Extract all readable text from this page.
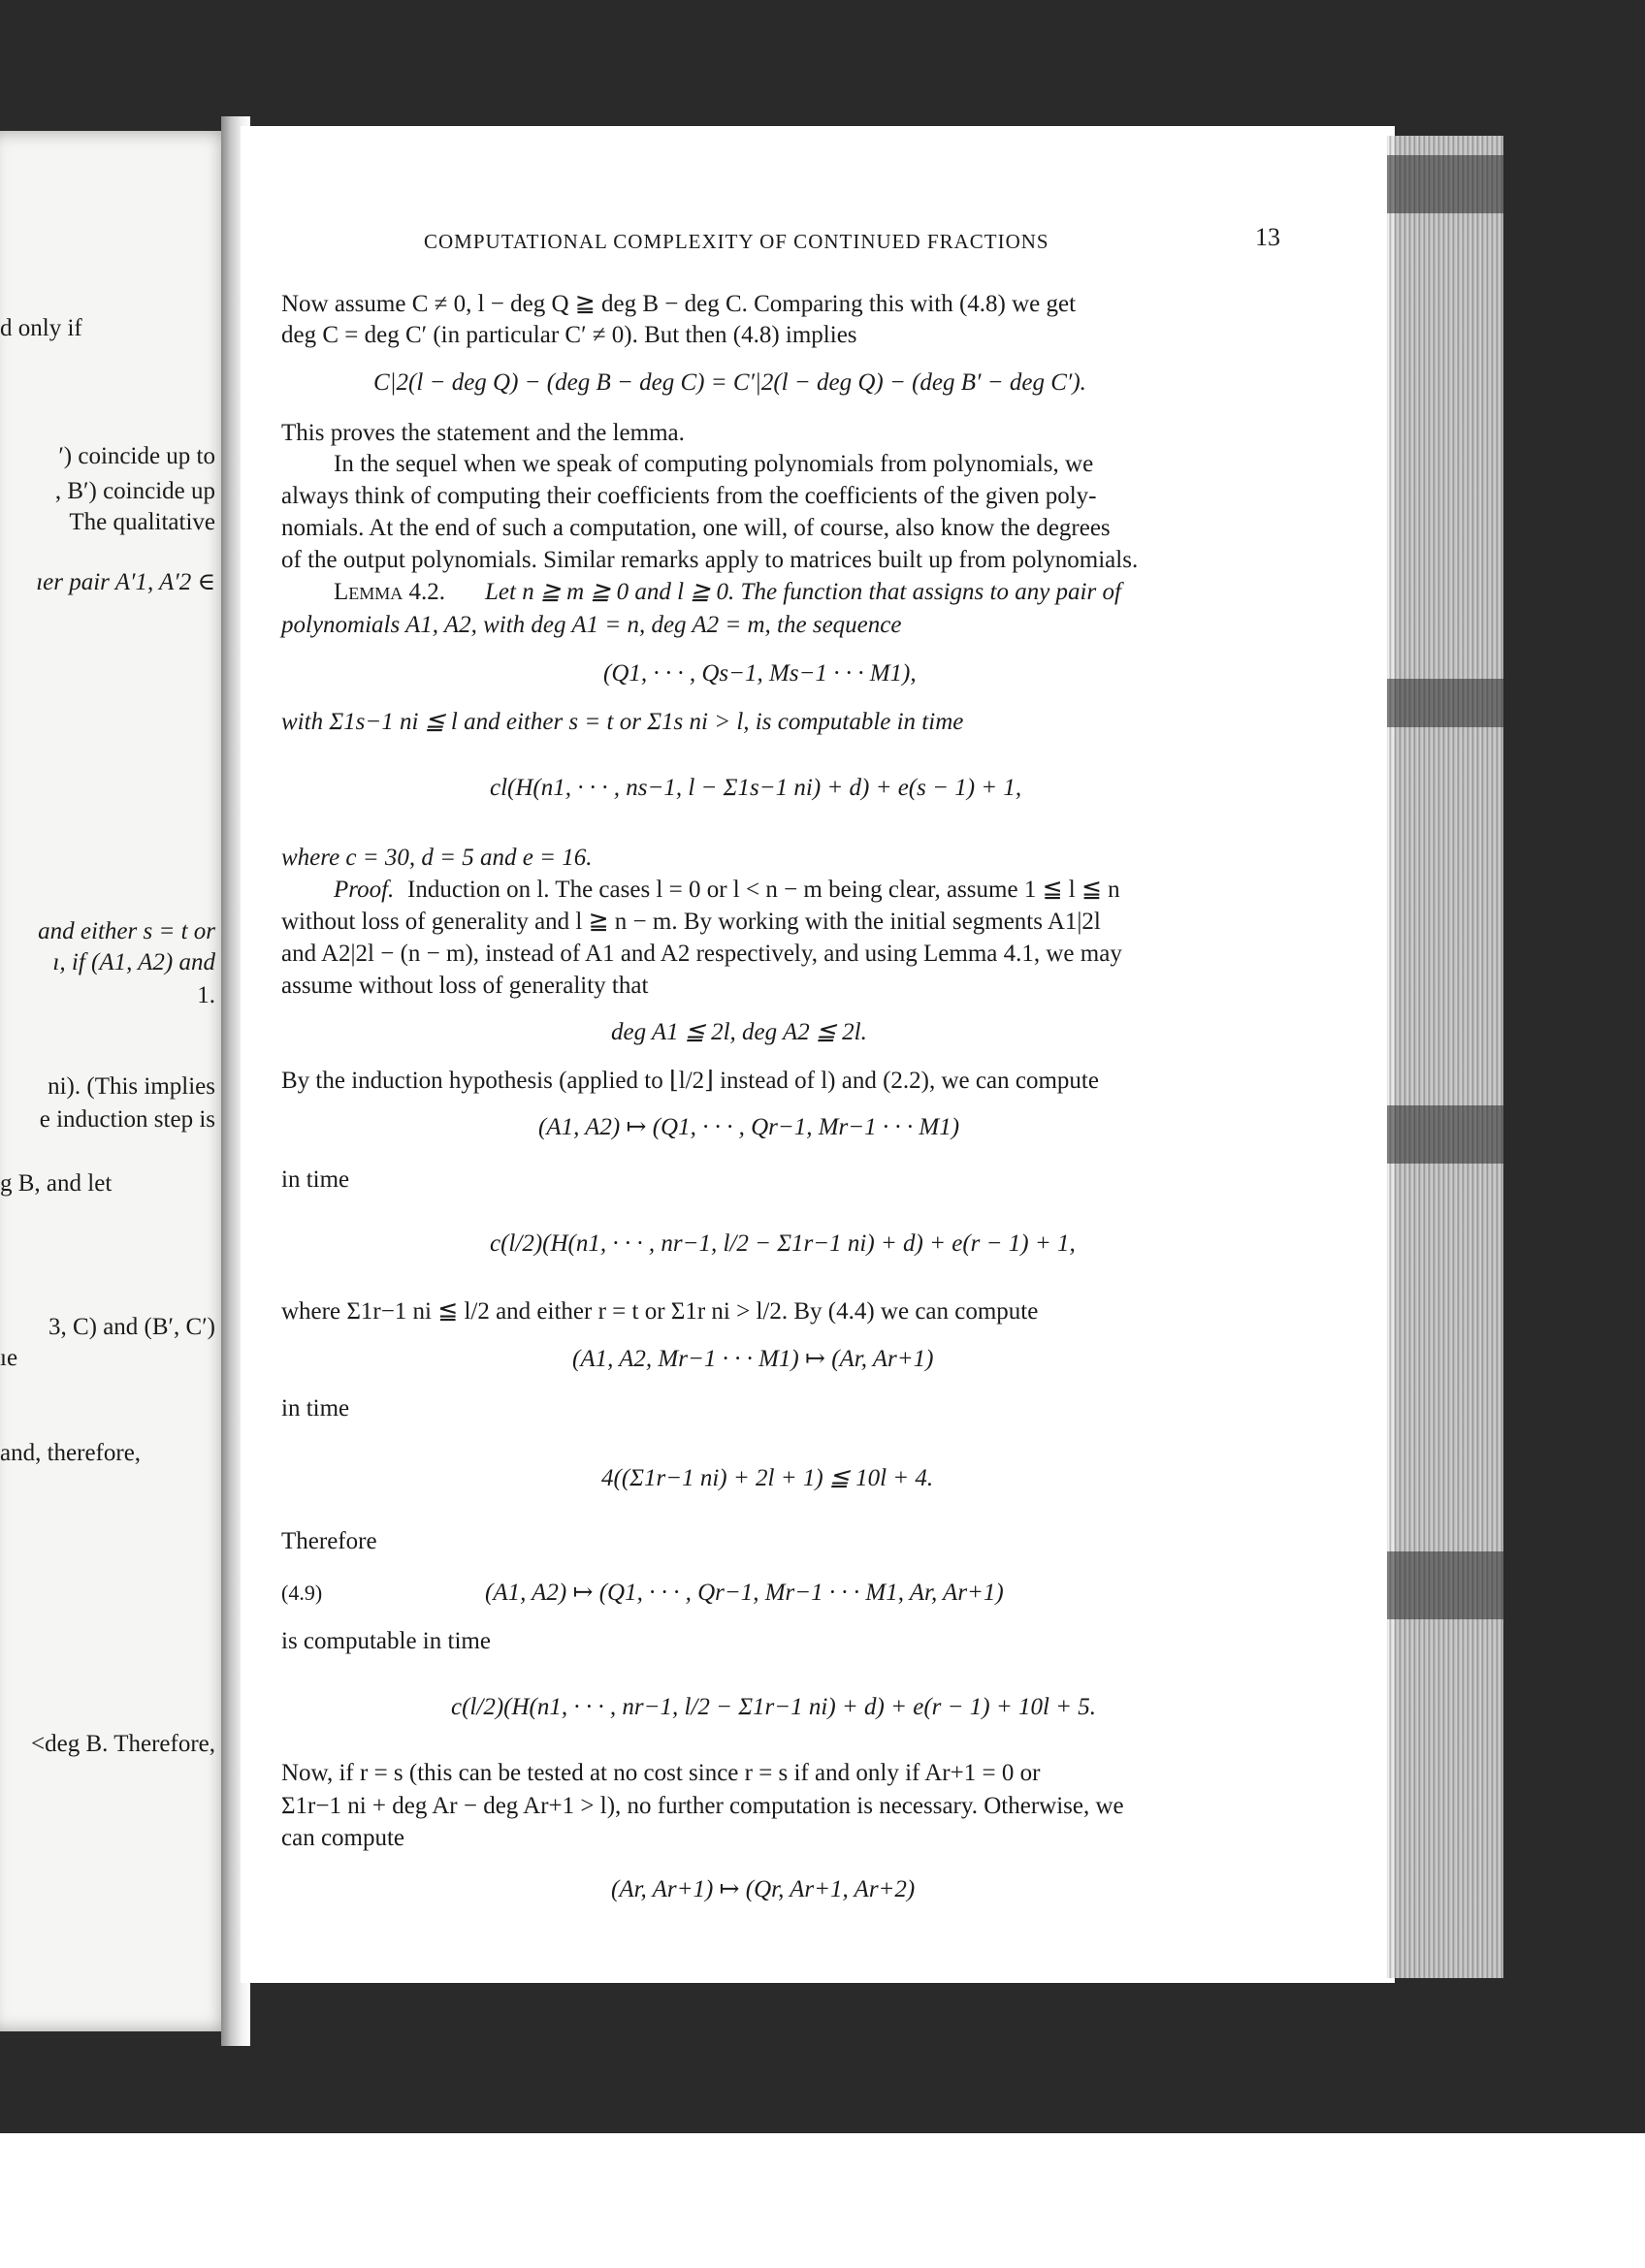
d only if
′) coincide up to
, B′) coincide up
The qualitative
ıer pair A′1, A′2 ∈
and either s = t or
ı, if (A1, A2) and
1.
ni). (This implies
e induction step is
g B, and let
3, C) and (B′, C′)
ıe
and, therefore,
<deg B. Therefore,
COMPUTATIONAL COMPLEXITY OF CONTINUED FRACTIONS	13
Now assume C ≠ 0, l − deg Q ≧ deg B − deg C. Comparing this with (4.8) we get
deg C = deg C′ (in particular C′ ≠ 0). But then (4.8) implies
C|2(l − deg Q) − (deg B − deg C) = C′|2(l − deg Q) − (deg B′ − deg C′).
This proves the statement and the lemma.
In the sequel when we speak of computing polynomials from polynomials, we
always think of computing their coefficients from the coefficients of the given poly-
nomials. At the end of such a computation, one will, of course, also know the degrees
of the output polynomials. Similar remarks apply to matrices built up from polynomials.
Lemma 4.2. Let n ≧ m ≧ 0 and l ≧ 0. The function that assigns to any pair of
polynomials A1, A2, with deg A1 = n, deg A2 = m, the sequence
(Q1, · · · , Qs−1, Ms−1 · · · M1),
with Σ1s−1 ni ≦ l and either s = t or Σ1s ni > l, is computable in time
cl(H(n1, · · · , ns−1, l − Σ1s−1 ni) + d) + e(s − 1) + 1,
where c = 30, d = 5 and e = 16.
Proof. Induction on l. The cases l = 0 or l < n − m being clear, assume 1 ≦ l ≦ n
without loss of generality and l ≧ n − m. By working with the initial segments A1|2l
and A2|2l − (n − m), instead of A1 and A2 respectively, and using Lemma 4.1, we may
assume without loss of generality that
deg A1 ≦ 2l, deg A2 ≦ 2l.
By the induction hypothesis (applied to ⌊l/2⌋ instead of l) and (2.2), we can compute
(A1, A2) ↦ (Q1, · · · , Qr−1, Mr−1 · · · M1)
in time
c(l/2)(H(n1, · · · , nr−1, l/2 − Σ1r−1 ni) + d) + e(r − 1) + 1,
where Σ1r−1 ni ≦ l/2 and either r = t or Σ1r ni > l/2. By (4.4) we can compute
(A1, A2, Mr−1 · · · M1) ↦ (Ar, Ar+1)
in time
4((Σ1r−1 ni) + 2l + 1) ≦ 10l + 4.
Therefore
(4.9)	(A1, A2) ↦ (Q1, · · · , Qr−1, Mr−1 · · · M1, Ar, Ar+1)
is computable in time
c(l/2)(H(n1, · · · , nr−1, l/2 − Σ1r−1 ni) + d) + e(r − 1) + 10l + 5.
Now, if r = s (this can be tested at no cost since r = s if and only if Ar+1 = 0 or
Σ1r−1 ni + deg Ar − deg Ar+1 > l), no further computation is necessary. Otherwise, we
can compute
(Ar, Ar+1) ↦ (Qr, Ar+1, Ar+2)
